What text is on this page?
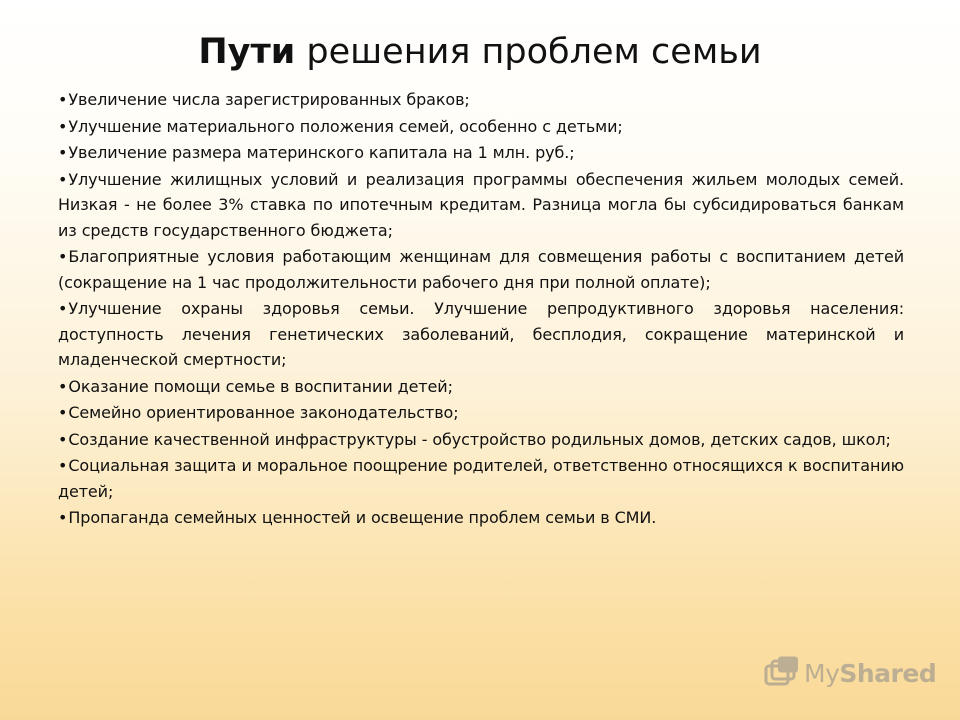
Пути решения проблем семьи
•Увеличение числа зарегистрированных браков;
•Улучшение материального положения семей, особенно с детьми;
•Увеличение размера материнского капитала на 1 млн. руб.;
•Улучшение жилищных условий и реализация программы обеспечения жильем молодых семей. Низкая - не более 3% ставка по ипотечным кредитам. Разница могла бы субсидироваться банкам из средств государственного бюджета;
•Благоприятные условия работающим женщинам для совмещения работы с воспитанием детей (сокращение на 1 час продолжительности рабочего дня при полной оплате);
•Улучшение охраны здоровья семьи. Улучшение репродуктивного здоровья населения: доступность лечения генетических заболеваний, бесплодия, сокращение материнской и младенческой смертности;
•Оказание помощи семье в воспитании детей;
•Семейно ориентированное законодательство;
•Создание качественной инфраструктуры - обустройство родильных домов, детских садов, школ;
•Социальная защита и моральное поощрение родителей, ответственно относящихся к воспитанию детей;
•Пропаганда семейных ценностей и освещение проблем семьи в СМИ.
MyShared
